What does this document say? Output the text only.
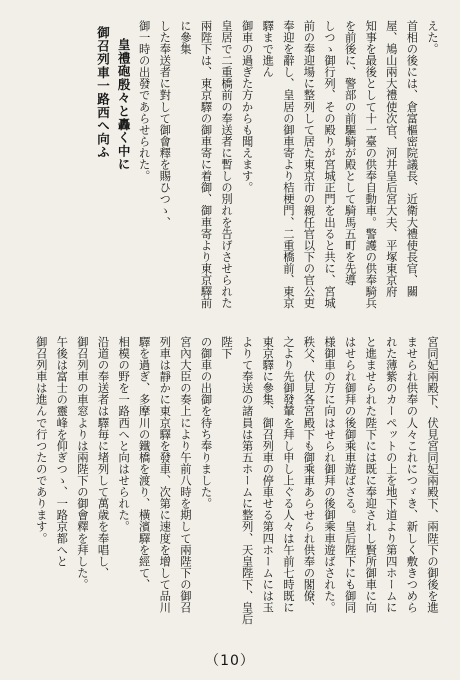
えた。

首相の後には、倉富樞密院議長、近衛大禮使長官、關

屋、鳩山兩大禮使次官、河井皇后宮大夫、平塚東京府

知事を最後として十一臺の供奉自動車。警護の供奉騎兵

を前後に、警部の前驅騎が殿として騎馬五町を先導

しつゝ御行列、その殿りが宮城正門を出ると共に、宮城

前の奉迎場に整列して居た東京市の親任官以下の官公吏

奉迎を辭し、皇居の御車寄より桔梗門、二重橋前、東京驛まで進ん

御車の過ぎた方からも聞えます。

皇居で二重橋前の奉送者に暫しの別れを告げさせられた

兩陛下は、東京驛の御車寄に着御、御車寄より東京驛前に參集

した奉送者に對して御會釋を賜ひつゝ、

御一時の出發であらせられた。

皇禮砲殷々と轟く中に

御召列車一路西へ向ふ

宮同妃兩殿下、伏見宮同妃兩殿下、兩陛下の御後を進

ませられ供奉の人々これにつゞき、新しく敷きつめら

れた薄紫のカーペットの上を地下道より第四ホームに

と進ませられた陛下には既に奉迎されし賢所御車に向

はせられ御拜の後御乘車遊ばさる。皇后陛下にも御同

様御車の方に向はせられ御拜の後御乘車遊ばされた。

秩父、伏見各宮殿下も御乘車あらせられ供奉の閣僚、

之より先御發輦を拜し申し上ぐる人々は午前七時既に

東京驛に參集、御召列車の停車せる第四ホームには玉

よりて奉送の諸員は第五ホームに整列、天皇陛下、皇后陛下

の御車の出御を待ち奉りました。

宮內大臣の奏上により午前八時を期して兩陛下の御召

列車は靜かに東京驛を發車、次第に速度を增して品川

驛を過ぎ、多摩川の鐵橋を渡り、橫濱驛を經て、

相模の野を一路西へと向はせられた。

沿道の奉送者は驛毎に堵列して萬歳を奉唱し、

御召列車の車窓よりは兩陛下の御會釋を拜した。

午後は富士の靈峰を仰ぎつゝ、一路京都へと

御召列車は進んで行つたのであります。

（10）
